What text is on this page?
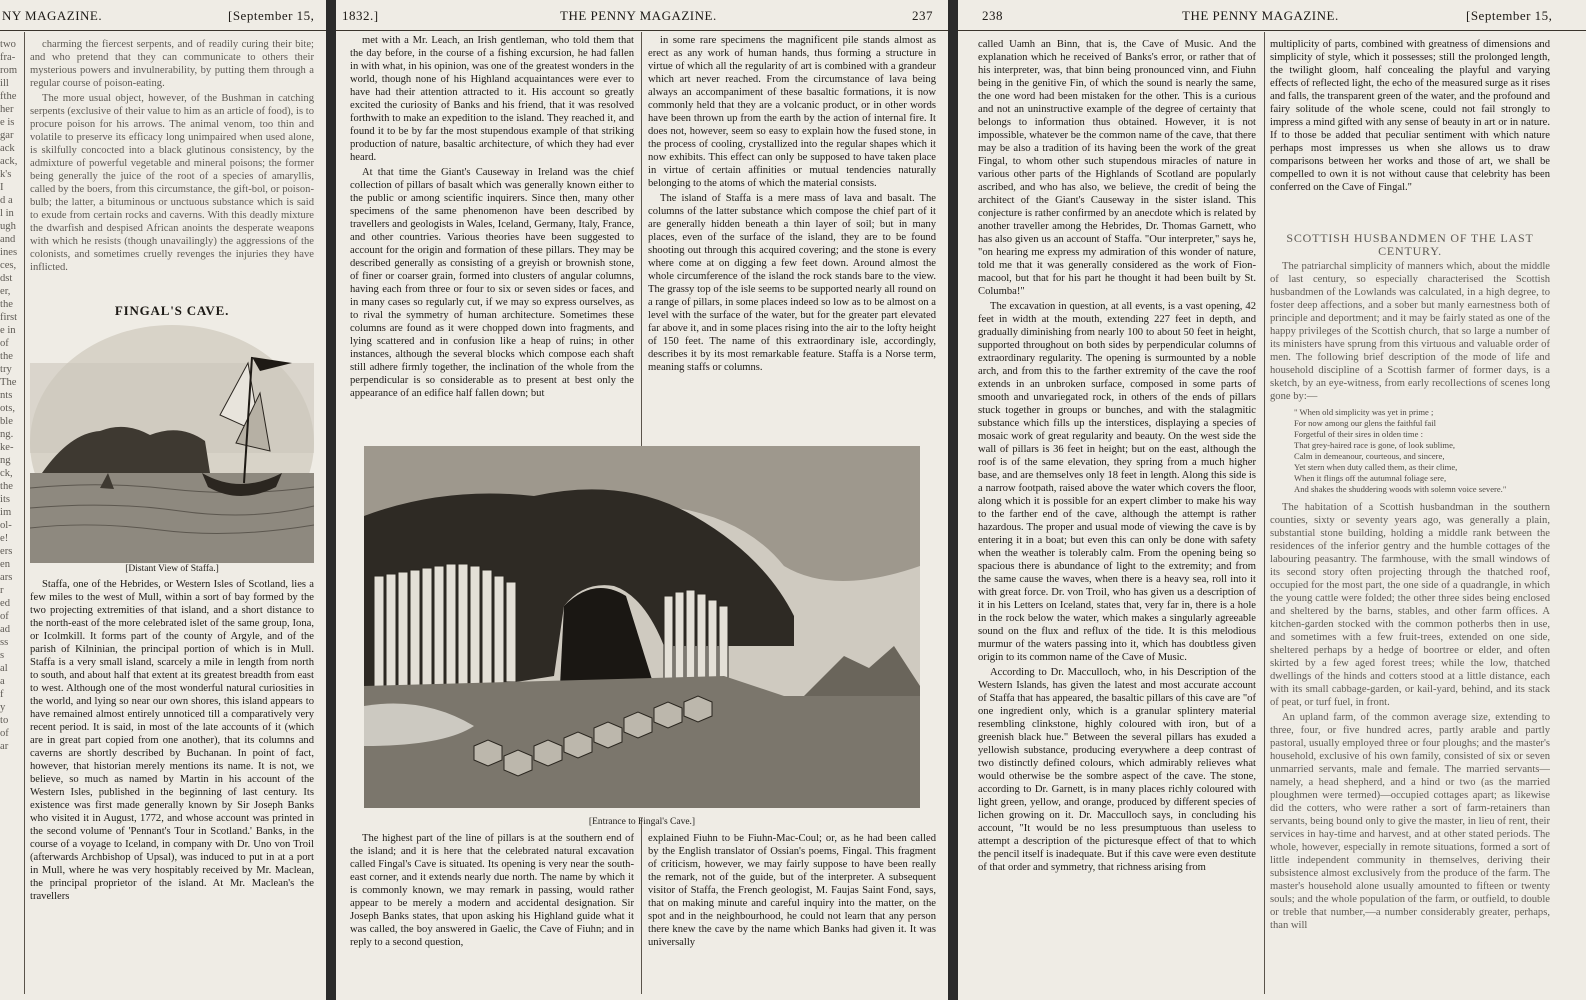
NY MAGAZINE.	[September 15,
two
fra-
rom
ill
fthe
her
e is
gar
ack
ack,
k's
I
d a
l in
ugh
and
ines
ces,
dst
er,
the
first
e in
of
the
try
The
nts
ots,
ble
ng.
ke-
ng
ck,
the
its
im
ol-
e!
ers
en
ars
r
ed
of
ad
ss
s
al
a
f
y
to
of
ar

charming the fiercest serpents, and of readily curing their bite; and who pretend that they can communicate to others their mysterious powers and invulnerability, by putting them through a regular course of poison-eating.

The more usual object, however, of the Bushman in catching serpents (exclusive of their value to him as an article of food), is to procure poison for his arrows. The animal venom, too thin and volatile to preserve its efficacy long unimpaired when used alone, is skilfully concocted into a black glutinous consistency, by the admixture of powerful vegetable and mineral poisons; the former being generally the juice of the root of a species of amaryllis, called by the boers, from this circumstance, the gift-bol, or poison-bulb; the latter, a bituminous or unctuous substance which is said to exude from certain rocks and caverns. With this deadly mixture the dwarfish and despised African anoints the desperate weapons with which he resists (though unavailingly) the aggressions of the colonists, and sometimes cruelly revenges the injuries they have inflicted.

FINGAL'S CAVE.

[Distant View of Staffa.]

Staffa, one of the Hebrides, or Western Isles of Scotland, lies a few miles to the west of Mull, within a sort of bay formed by the two projecting extremities of that island, and a short distance to the north-east of the more celebrated islet of the same group, Iona, or Icolmkill. It forms part of the county of Argyle, and of the parish of Kilninian, the principal portion of which is in Mull. Staffa is a very small island, scarcely a mile in length from north to south, and about half that extent at its greatest breadth from east to west. Although one of the most wonderful natural curiosities in the world, and lying so near our own shores, this island appears to have remained almost entirely unnoticed till a comparatively very recent period. It is said, in most of the late accounts of it (which are in great part copied from one another), that its columns and caverns are shortly described by Buchanan. In point of fact, however, that historian merely mentions its name. It is not, we believe, so much as named by Martin in his account of the Western Isles, published in the beginning of last century. Its existence was first made generally known by Sir Joseph Banks who visited it in August, 1772, and whose account was printed in the second volume of 'Pennant's Tour in Scotland.' Banks, in the course of a voyage to Iceland, in company with Dr. Uno von Troil (afterwards Archbishop of Upsal), was induced to put in at a port in Mull, where he was very hospitably received by Mr. Maclean, the principal proprietor of the island. At Mr. Maclean's the travellers

1832.]	THE PENNY MAGAZINE.	237

met with a Mr. Leach, an Irish gentleman, who told them that the day before, in the course of a fishing excursion, he had fallen in with what, in his opinion, was one of the greatest wonders in the world, though none of his Highland acquaintances were ever to have had their attention attracted to it. His account so greatly excited the curiosity of Banks and his friend, that it was resolved forthwith to make an expedition to the island. They reached it, and found it to be by far the most stupendous example of that striking production of nature, basaltic architecture, of which they had ever heard.

At that time the Giant's Causeway in Ireland was the chief collection of pillars of basalt which was generally known either to the public or among scientific inquirers. Since then, many other specimens of the same phenomenon have been described by travellers and geologists in Wales, Iceland, Germany, Italy, France, and other countries. Various theories have been suggested to account for the origin and formation of these pillars. They may be described generally as consisting of a greyish or brownish stone, of finer or coarser grain, formed into clusters of angular columns, having each from three or four to six or seven sides or faces, and in many cases so regularly cut, if we may so express ourselves, as to rival the symmetry of human architecture. Sometimes these columns are found as it were chopped down into fragments, and lying scattered and in confusion like a heap of ruins; in other instances, although the several blocks which compose each shaft still adhere firmly together, the inclination of the whole from the perpendicular is so considerable as to present at best only the appearance of an edifice half fallen down; but

in some rare specimens the magnificent pile stands almost as erect as any work of human hands, thus forming a structure in virtue of which all the regularity of art is combined with a grandeur which art never reached. From the circumstance of lava being always an accompaniment of these basaltic formations, it is now commonly held that they are a volcanic product, or in other words have been thrown up from the earth by the action of internal fire. It does not, however, seem so easy to explain how the fused stone, in the process of cooling, crystallized into the regular shapes which it now exhibits. This effect can only be supposed to have taken place in virtue of certain affinities or mutual tendencies naturally belonging to the atoms of which the material consists.

The island of Staffa is a mere mass of lava and basalt. The columns of the latter substance which compose the chief part of it are generally hidden beneath a thin layer of soil; but in many places, even of the surface of the island, they are to be found shooting out through this acquired covering; and the stone is every where come at on digging a few feet down. Around almost the whole circumference of the island the rock stands bare to the view. The grassy top of the isle seems to be supported nearly all round on a range of pillars, in some places indeed so low as to be almost on a level with the surface of the water, but for the greater part elevated far above it, and in some places rising into the air to the lofty height of 150 feet. The name of this extraordinary isle, accordingly, describes it by its most remarkable feature. Staffa is a Norse term, meaning staffs or columns.

[Entrance to Fingal's Cave.]

The highest part of the line of pillars is at the southern end of the island; and it is here that the celebrated natural excavation called Fingal's Cave is situated. Its opening is very near the south-east corner, and it extends nearly due north. The name by which it is commonly known, we may remark in passing, would rather appear to be merely a modern and accidental designation. Sir Joseph Banks states, that upon asking his Highland guide what it was called, the boy answered in Gaelic, the Cave of Fiuhn; and in reply to a second question,

explained Fiuhn to be Fiuhn-Mac-Coul; or, as he had been called by the English translator of Ossian's poems, Fingal. This fragment of criticism, however, we may fairly suppose to have been really the remark, not of the guide, but of the interpreter. A subsequent visitor of Staffa, the French geologist, M. Faujas Saint Fond, says, that on making minute and careful inquiry into the matter, on the spot and in the neighbourhood, he could not learn that any person there knew the cave by the name which Banks had given it. It was universally

238	THE PENNY MAGAZINE.	[September 15,

called Uamh an Binn, that is, the Cave of Music. And the explanation which he received of Banks's error, or rather that of his interpreter, was, that binn being pronounced vinn, and Fiuhn being in the genitive Fin, of which the sound is nearly the same, the one word had been mistaken for the other. This is a curious and not an uninstructive example of the degree of certainty that belongs to information thus obtained. However, it is not impossible, whatever be the common name of the cave, that there may be also a tradition of its having been the work of the great Fingal, to whom other such stupendous miracles of nature in various other parts of the Highlands of Scotland are popularly ascribed, and who has also, we believe, the credit of being the architect of the Giant's Causeway in the sister island. This conjecture is rather confirmed by an anecdote which is related by another traveller among the Hebrides, Dr. Thomas Garnett, who has also given us an account of Staffa. "Our interpreter," says he, "on hearing me express my admiration of this wonder of nature, told me that it was generally considered as the work of Fion-macool, but that for his part he thought it had been built by St. Columba!"

The excavation in question, at all events, is a vast opening, 42 feet in width at the mouth, extending 227 feet in depth, and gradually diminishing from nearly 100 to about 50 feet in height, supported throughout on both sides by perpendicular columns of extraordinary regularity. The opening is surmounted by a noble arch, and from this to the farther extremity of the cave the roof extends in an unbroken surface, composed in some parts of smooth and unvariegated rock, in others of the ends of pillars stuck together in groups or bunches, and with the stalagmitic substance which fills up the interstices, displaying a species of mosaic work of great regularity and beauty. On the west side the wall of pillars is 36 feet in height; but on the east, although the roof is of the same elevation, they spring from a much higher base, and are themselves only 18 feet in length. Along this side is a narrow footpath, raised above the water which covers the floor, along which it is possible for an expert climber to make his way to the farther end of the cave, although the attempt is rather hazardous. The proper and usual mode of viewing the cave is by entering it in a boat; but even this can only be done with safety when the weather is tolerably calm. From the opening being so spacious there is abundance of light to the extremity; and from the same cause the waves, when there is a heavy sea, roll into it with great force. Dr. von Troil, who has given us a description of it in his Letters on Iceland, states that, very far in, there is a hole in the rock below the water, which makes a singularly agreeable sound on the flux and reflux of the tide. It is this melodious murmur of the waters passing into it, which has doubtless given origin to its common name of the Cave of Music.

According to Dr. Macculloch, who, in his Description of the Western Islands, has given the latest and most accurate account of Staffa that has appeared, the basaltic pillars of this cave are "of one ingredient only, which is a granular splintery material resembling clinkstone, highly coloured with iron, but of a greenish black hue." Between the several pillars has exuded a yellowish substance, producing everywhere a deep contrast of two distinctly defined colours, which admirably relieves what would otherwise be the sombre aspect of the cave. The stone, according to Dr. Garnett, is in many places richly coloured with light green, yellow, and orange, produced by different species of lichen growing on it. Dr. Macculloch says, in concluding his account, "It would be no less presumptuous than useless to attempt a description of the picturesque effect of that to which the pencil itself is inadequate. But if this cave were even destitute of that order and symmetry, that richness arising from

multiplicity of parts, combined with greatness of dimensions and simplicity of style, which it possesses; still the prolonged length, the twilight gloom, half concealing the playful and varying effects of reflected light, the echo of the measured surge as it rises and falls, the transparent green of the water, and the profound and fairy solitude of the whole scene, could not fail strongly to impress a mind gifted with any sense of beauty in art or in nature. If to those be added that peculiar sentiment with which nature perhaps most impresses us when she allows us to draw comparisons between her works and those of art, we shall be compelled to own it is not without cause that celebrity has been conferred on the Cave of Fingal."

SCOTTISH HUSBANDMEN OF THE LAST CENTURY.

The patriarchal simplicity of manners which, about the middle of last century, so especially characterised the Scottish husbandmen of the Lowlands was calculated, in a high degree, to foster deep affections, and a sober but manly earnestness both of principle and deportment; and it may be fairly stated as one of the happy privileges of the Scottish church, that so large a number of its ministers have sprung from this virtuous and valuable order of men. The following brief description of the mode of life and household discipline of a Scottish farmer of former days, is a sketch, by an eye-witness, from early recollections of scenes long gone by:—

" When old simplicity was yet in prime ;
For now among our glens the faithful fail
Forgetful of their sires in olden time :
That grey-haired race is gone, of look sublime,
Calm in demeanour, courteous, and sincere,
Yet stern when duty called them, as their clime,
When it flings off the autumnal foliage sere,
And shakes the shuddering woods with solemn voice severe."

The habitation of a Scottish husbandman in the southern counties, sixty or seventy years ago, was generally a plain, substantial stone building, holding a middle rank between the residences of the inferior gentry and the humble cottages of the labouring peasantry. The farmhouse, with the small windows of its second story often projecting through the thatched roof, occupied for the most part, the one side of a quadrangle, in which the young cattle were folded; the other three sides being enclosed and sheltered by the barns, stables, and other farm offices. A kitchen-garden stocked with the common potherbs then in use, and sometimes with a few fruit-trees, extended on one side, sheltered perhaps by a hedge of boortree or elder, and often skirted by a few aged forest trees; while the low, thatched dwellings of the hinds and cotters stood at a little distance, each with its small cabbage-garden, or kail-yard, behind, and its stack of peat, or turf fuel, in front.

An upland farm, of the common average size, extending to three, four, or five hundred acres, partly arable and partly pastoral, usually employed three or four ploughs; and the master's household, exclusive of his own family, consisted of six or seven unmarried servants, male and female. The married servants—namely, a head shepherd, and a hind or two (as the married ploughmen were termed)—occupied cottages apart; as likewise did the cotters, who were rather a sort of farm-retainers than servants, being bound only to give the master, in lieu of rent, their services in hay-time and harvest, and at other stated periods. The whole, however, especially in remote situations, formed a sort of little independent community in themselves, deriving their subsistence almost exclusively from the produce of the farm. The master's household alone usually amounted to fifteen or twenty souls; and the whole population of the farm, or outfield, to double or treble that number,—a number considerably greater, perhaps, than will
